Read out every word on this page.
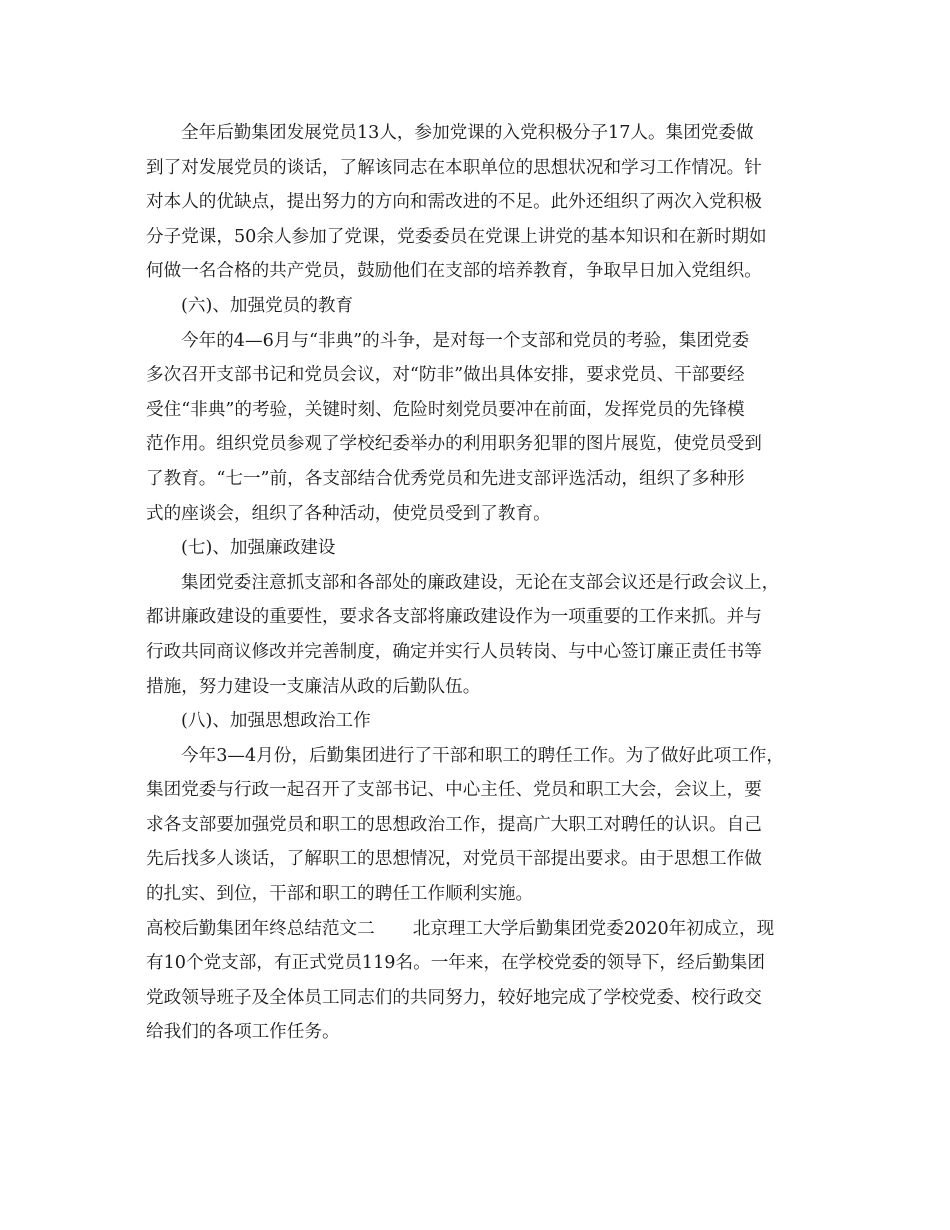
全年后勤集团发展党员13人，参加党课的入党积极分子17人。集团党委做
到了对发展党员的谈话，了解该同志在本职单位的思想状况和学习工作情况。针
对本人的优缺点，提出努力的方向和需改进的不足。此外还组织了两次入党积极
分子党课，50余人参加了党课，党委委员在党课上讲党的基本知识和在新时期如
何做一名合格的共产党员，鼓励他们在支部的培养教育，争取早日加入党组织。
(六)、加强党员的教育
今年的4—6月与“非典”的斗争，是对每一个支部和党员的考验，集团党委
多次召开支部书记和党员会议，对“防非”做出具体安排，要求党员、干部要经
受住“非典”的考验，关键时刻、危险时刻党员要冲在前面，发挥党员的先锋模
范作用。组织党员参观了学校纪委举办的利用职务犯罪的图片展览，使党员受到
了教育。“七一”前，各支部结合优秀党员和先进支部评选活动，组织了多种形
式的座谈会，组织了各种活动，使党员受到了教育。
(七)、加强廉政建设
集团党委注意抓支部和各部处的廉政建设，无论在支部会议还是行政会议上，
都讲廉政建设的重要性，要求各支部将廉政建设作为一项重要的工作来抓。并与
行政共同商议修改并完善制度，确定并实行人员转岗、与中心签订廉正责任书等
措施，努力建设一支廉洁从政的后勤队伍。
(八)、加强思想政治工作
今年3—4月份，后勤集团进行了干部和职工的聘任工作。为了做好此项工作，
集团党委与行政一起召开了支部书记、中心主任、党员和职工大会，会议上，要
求各支部要加强党员和职工的思想政治工作，提高广大职工对聘任的认识。自己
先后找多人谈话，了解职工的思想情况，对党员干部提出要求。由于思想工作做
的扎实、到位，干部和职工的聘任工作顺利实施。
高校后勤集团年终总结范文二 北京理工大学后勤集团党委2020年初成立，现
有10个党支部，有正式党员119名。一年来，在学校党委的领导下，经后勤集团
党政领导班子及全体员工同志们的共同努力，较好地完成了学校党委、校行政交
给我们的各项工作任务。
